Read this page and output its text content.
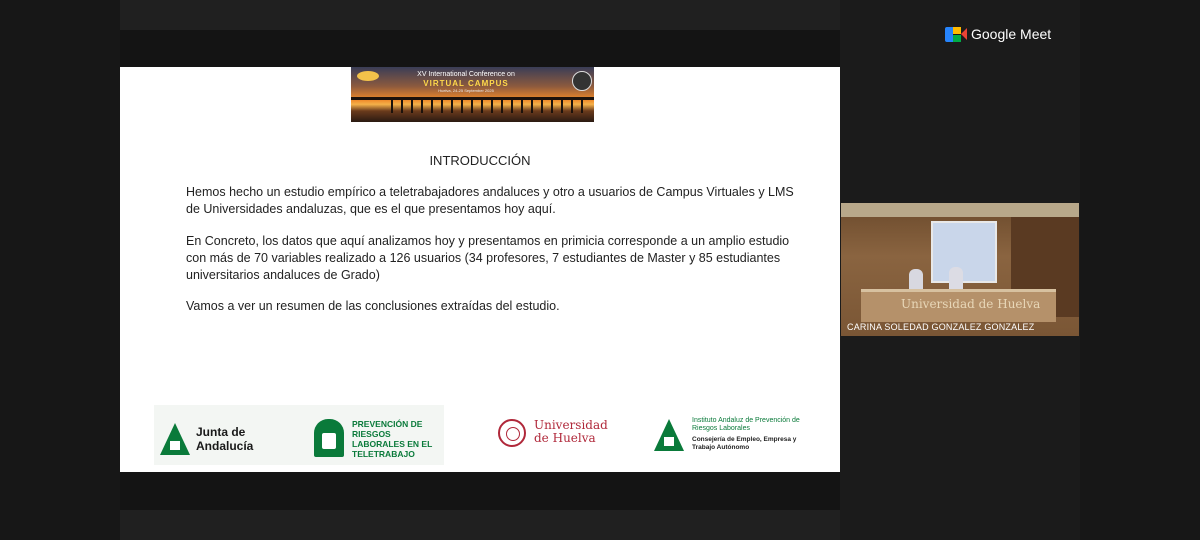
XV International Conference on
VIRTUAL CAMPUS
Huelva, 24-25 September 2025
INTRODUCCIÓN
Hemos hecho un estudio empírico a teletrabajadores andaluces y otro a usuarios de Campus Virtuales y LMS de Universidades andaluzas, que es el que presentamos hoy aquí.
En Concreto, los datos que aquí analizamos hoy y presentamos en primicia corresponde a un amplio estudio con más de 70 variables realizado a 126 usuarios (34 profesores, 7 estudiantes de Master y 85 estudiantes universitarios andaluces de Grado)
Vamos a ver un resumen de las conclusiones extraídas del estudio.
Junta de Andalucía
PREVENCIÓN DE RIESGOS LABORALES EN EL TELETRABAJO
Universidad de Huelva
Instituto Andaluz de Prevención de Riesgos Laborales
Consejería de Empleo, Empresa y Trabajo Autónomo
Google Meet
Universidad de Huelva
CARINA SOLEDAD GONZALEZ GONZALEZ
